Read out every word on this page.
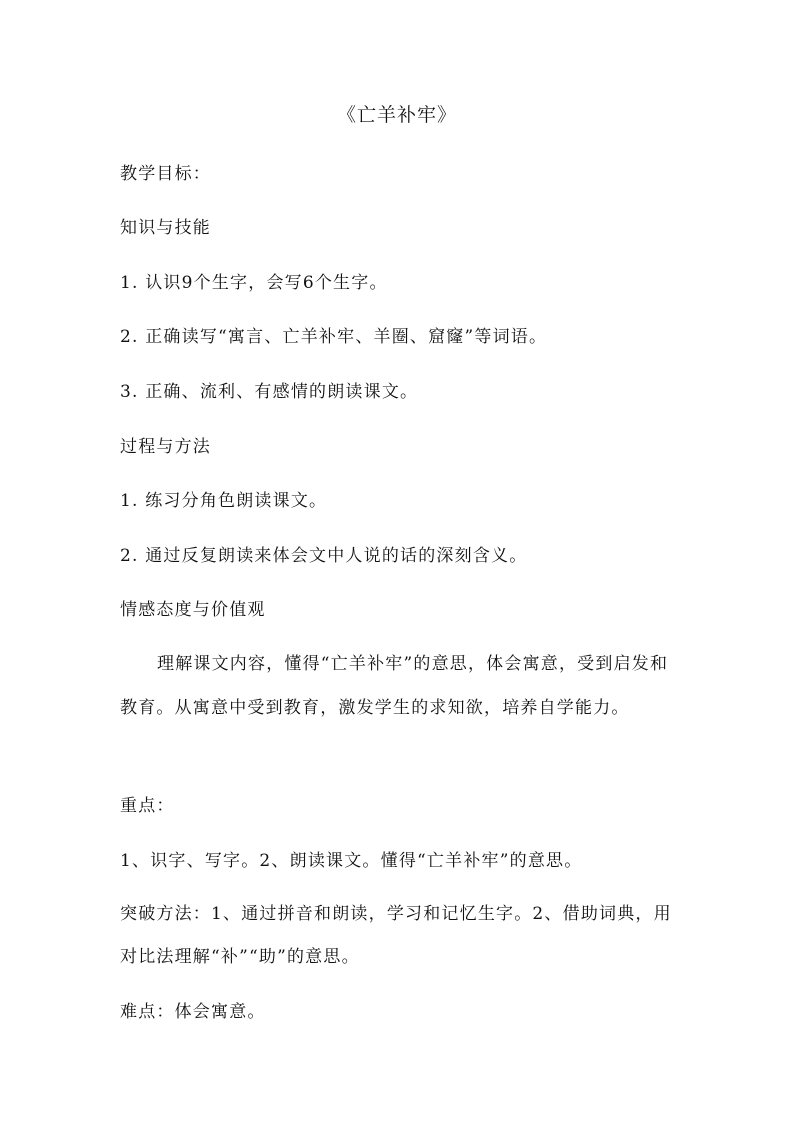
《亡羊补牢》
教学目标：
知识与技能
1. 认识9个生字，会写6个生字。
2. 正确读写“寓言、亡羊补牢、羊圈、窟窿”等词语。
3. 正确、流利、有感情的朗读课文。
过程与方法
1. 练习分角色朗读课文。
2. 通过反复朗读来体会文中人说的话的深刻含义。
情感态度与价值观
理解课文内容，懂得“亡羊补牢”的意思，体会寓意，受到启发和教育。从寓意中受到教育，激发学生的求知欲，培养自学能力。
重点：
1、识字、写字。2、朗读课文。懂得“亡羊补牢”的意思。
突破方法：1、通过拼音和朗读，学习和记忆生字。2、借助词典，用对比法理解“补”“助”的意思。
难点：体会寓意。
